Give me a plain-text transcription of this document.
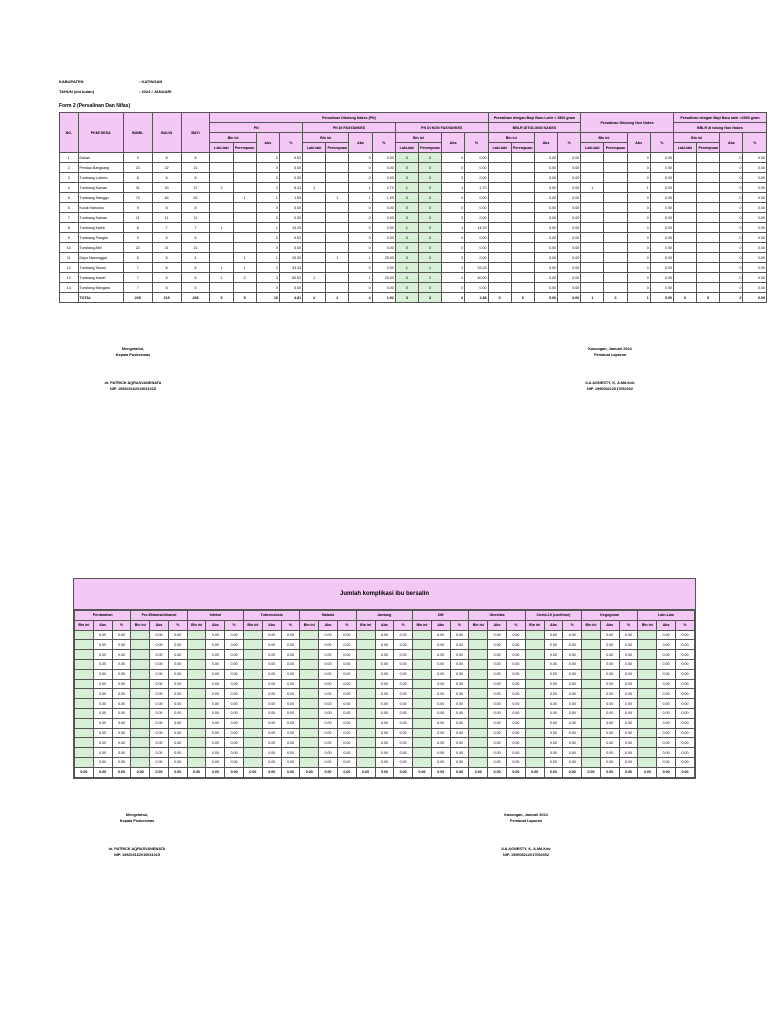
KABUPATEN	: KATINGAN
TAHUN (s/d bulan)	: 2024 / JANUARI
Form 2 (Persalinan Dan Nifas)
NO.	PKM/ DESA	BUMIL	BULIN	BAYI	Persalinan Ditolong Nakes (PN)												Persalinan dengan Bayi Baru Lahir < 2500 gram				Persalinan Ditolong Non Nakes				Persalinan dengan Bayi Baru lahir <2500 gram			
					PN				PN DI FASYANKES				PN DI NON FASYANKES				BBLR DITOLONG NAKES								BBLR di tolong Non Nakes			
					Bln ini		Abs	%	Bln ini		Abs	%	Bln ini		Abs	%	Bln ini		Abs	%	Bln ini		Abs	%	Bln ini		Abs	%
					Laki-laki	Perempuan			Laki-laki	Perempuan			Laki-laki	Perempuan			Laki-laki	Perempuan			Laki-laki	Perempuan			Laki-laki	Perempuan		
1	Dahas	9	8	8			0	0.00			0	0.00	0	0	0	0.00			0.00	0.00			0	0.00			0	0.00
2	Pendau Bangkang	23	22	21			0	0.00			0	0.00	0	0	0	0.00			0.00	0.00			0	0.00			0	0.00
3	Tumbang Lobehu	8	6	6			0	0.00			0	0.00	0	0	0	0.00			0.00	0.00			0	0.00			0	0.00
4	Tumbang Kaman	31	30	37	2		2	5.41	1		1	2.70	1	0	1	2.70			0.00	0.00	1		1	0.00			0	0.00
5	Tumbang Manggu	70	64	63		1	1	1.59		1	1	1.59	0	0	0	0.00			0.00	0.00			0	0.00			0	0.00
6	Kuluk Habuhus	9	8	8			0	0.00			0	0.00	0	0	0	0.00			0.00	0.00			0	0.00			0	0.00
7	Tumbang Kaman	11	11	11			0	0.00			0	0.00	0	0	0	0.00			0.00	0.00			0	0.00			0	0.00
8	Tumbang Kaleb	8	7	7	1		1	14.29			0	0.00	1	0	1	14.29			0.00	0.00			0	0.00			0	0.00
9	Tumbang Pangka	9	5	5			0	0.00			0	0.00	0	0	0	0.00			0.00	0.00			0	0.00			0	0.00
10	Tumbang Atei	22	21	21			0	0.00			0	0.00	0	0	0	0.00			0.00	0.00			0	0.00			0	0.00
11	Dayu Manunggal	5	5	4		1	1	25.00		1	1	25.00	0	0	0	0.00			0.00	0.00			0	0.00			0	0.00
12	Tumbang Tawan	7	6	6	1	1	2	33.33			0	0.00	1	1	2	33.33			0.00	0.00			0	0.00			0	0.00
13	Tumbang Kawei	7	5	5	1	2	3	60.00	1		1	20.00	0	2	2	40.00			0.00	0.00			0	0.00			0	0.00
14	Tumbang Mangara	7	6	5			0	0.00			0	0.00	0	0	0	0.00			0.00	0.00			0	0.00			0	0.00
	TOTAL	225	215	208	5	5	10	4.81	2	2	4	1.92	3	3	6	2.88	0	0	0.00	0.00	1	0	1	0.00	0	0	0	0.00
Mengetahui,
Kepala Puskesmas
dr. PATRICK AQRASVANENATA
NIP. 199203162019031015
Kasongan, Januari 2024
Pembuat Laporan
ILA AGNESTY, K, A.Md.Keb
NIP. 199008212017052002
Jumlah komplikasi ibu bersalin
Perdarahan			Pre-Eklamsi/eklamsi			Infeksi			Tuberculosis			Malaria			Jantung			DM			Obesitas			Covid-19 (confirme)			Keguguran			Lain-Lain		
Bln ini	Abs	%	Bln ini	Abs	%	Bln ini	Abs	%	Bln ini	Abs	%	Bln ini	Abs	%	Bln ini	Abs	%	Bln ini	Abs	%	Bln ini	Abs	%	Bln ini	Abs	%	Bln ini	Abs	%	Bln ini	Abs	%
	0.00	0.00		0.00	0.00		0.00	0.00		0.00	0.00		0.00	0.00		0.00	0.00		0.00	0.00		0.00	0.00		0.00	0.00		0.00	0.00		0.00	0.00
	0.00	0.00		0.00	0.00		0.00	0.00		0.00	0.00		0.00	0.00		0.00	0.00		0.00	0.00		0.00	0.00		0.00	0.00		0.00	0.00		0.00	0.00
	0.00	0.00		0.00	0.00		0.00	0.00		0.00	0.00		0.00	0.00		0.00	0.00		0.00	0.00		0.00	0.00		0.00	0.00		0.00	0.00		0.00	0.00
	0.00	0.00		0.00	0.00		0.00	0.00		0.00	0.00		0.00	0.00		0.00	0.00		0.00	0.00		0.00	0.00		0.00	0.00		0.00	0.00		0.00	0.00
	0.00	0.00		0.00	0.00		0.00	0.00		0.00	0.00		0.00	0.00		0.00	0.00		0.00	0.00		0.00	0.00		0.00	0.00		0.00	0.00		0.00	0.00
	0.00	0.00		0.00	0.00		0.00	0.00		0.00	0.00		0.00	0.00		0.00	0.00		0.00	0.00		0.00	0.00		0.00	0.00		0.00	0.00		0.00	0.00
	0.00	0.00		0.00	0.00		0.00	0.00		0.00	0.00		0.00	0.00		0.00	0.00		0.00	0.00		0.00	0.00		0.00	0.00		0.00	0.00		0.00	0.00
	0.00	0.00		0.00	0.00		0.00	0.00		0.00	0.00		0.00	0.00		0.00	0.00		0.00	0.00		0.00	0.00		0.00	0.00		0.00	0.00		0.00	0.00
	0.00	0.00		0.00	0.00		0.00	0.00		0.00	0.00		0.00	0.00		0.00	0.00		0.00	0.00		0.00	0.00		0.00	0.00		0.00	0.00		0.00	0.00
	0.00	0.00		0.00	0.00		0.00	0.00		0.00	0.00		0.00	0.00		0.00	0.00		0.00	0.00		0.00	0.00		0.00	0.00		0.00	0.00		0.00	0.00
	0.00	0.00		0.00	0.00		0.00	0.00		0.00	0.00		0.00	0.00		0.00	0.00		0.00	0.00		0.00	0.00		0.00	0.00		0.00	0.00		0.00	0.00
	0.00	0.00		0.00	0.00		0.00	0.00		0.00	0.00		0.00	0.00		0.00	0.00		0.00	0.00		0.00	0.00		0.00	0.00		0.00	0.00		0.00	0.00
	0.00	0.00		0.00	0.00		0.00	0.00		0.00	0.00		0.00	0.00		0.00	0.00		0.00	0.00		0.00	0.00		0.00	0.00		0.00	0.00		0.00	0.00
	0.00	0.00		0.00	0.00		0.00	0.00		0.00	0.00		0.00	0.00		0.00	0.00		0.00	0.00		0.00	0.00		0.00	0.00		0.00	0.00		0.00	0.00
0.00	0.00	0.00	0.00	0.00	0.00	0.00	0.00	0.00	0.00	0.00	0.00	0.00	0.00	0.00	0.00	0.00	0.00	0.00	0.00	0.00	0.00	0.00	0.00	0.00	0.00	0.00	0.00	0.00	0.00	0.00	0.00	0.00
Mengetahui,
Kepala Puskesmas
dr. PATRICK AQRASVANENATA
NIP. 199203162019031015
Kasongan, Januari 2024
Pembuat Laporan
ILA AGNESTY, K, A.Md.Keb
NIP. 199008212017052002
